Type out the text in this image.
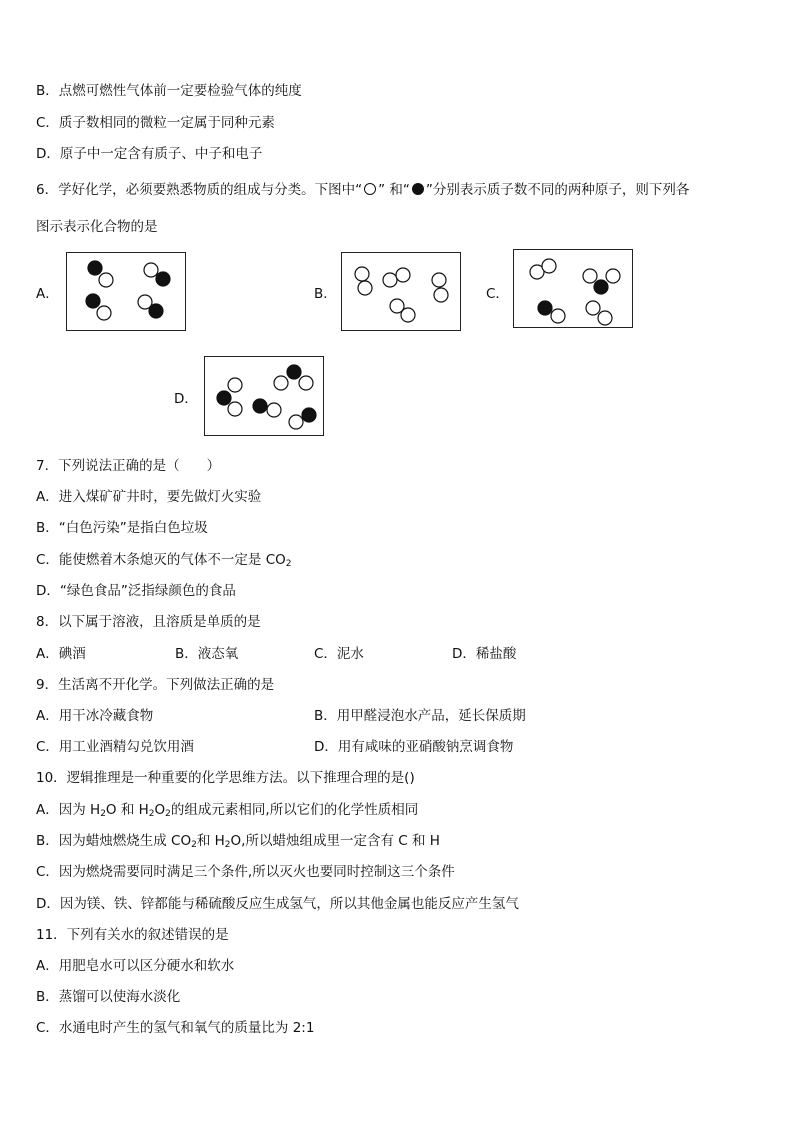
B．点燃可燃性气体前一定要检验气体的纯度
C．质子数相同的微粒一定属于同种元素
D．原子中一定含有质子、中子和电子
6．学好化学，必须要熟悉物质的组成与分类。下图中“ ” 和“ ”分别表示质子数不同的两种原子，则下列各
图示表示化合物的是
A．	B．	C．
D．
7．下列说法正确的是（　　）
A．进入煤矿矿井时，要先做灯火实验
B．“白色污染”是指白色垃圾
C．能使燃着木条熄灭的气体不一定是 $CO_2$
D．“绿色食品”泛指绿颜色的食品
8．以下属于溶液，且溶质是单质的是
A．碘酒	B．液态氧	C．泥水	D．稀盐酸
9．生活离不开化学。下列做法正确的是
A．用干冰冷藏食物	B．用甲醛浸泡水产品，延长保质期
C．用工业酒精勾兑饮用酒	D．用有咸味的亚硝酸钠烹调食物
10．逻辑推理是一种重要的化学思维方法。以下推理合理的是()
A．因为 $H_2O$ 和 $H_2O_2$的组成元素相同,所以它们的化学性质相同
B．因为蜡烛燃烧生成 $CO_2$和 $H_2O$,所以蜡烛组成里一定含有 C 和 H
C．因为燃烧需要同时满足三个条件,所以灭火也要同时控制这三个条件
D．因为镁、铁、锌都能与稀硫酸反应生成氢气，所以其他金属也能反应产生氢气
11．下列有关水的叙述错误的是
A．用肥皂水可以区分硬水和软水
B．蒸馏可以使海水淡化
C．水通电时产生的氢气和氧气的质量比为 2:1
